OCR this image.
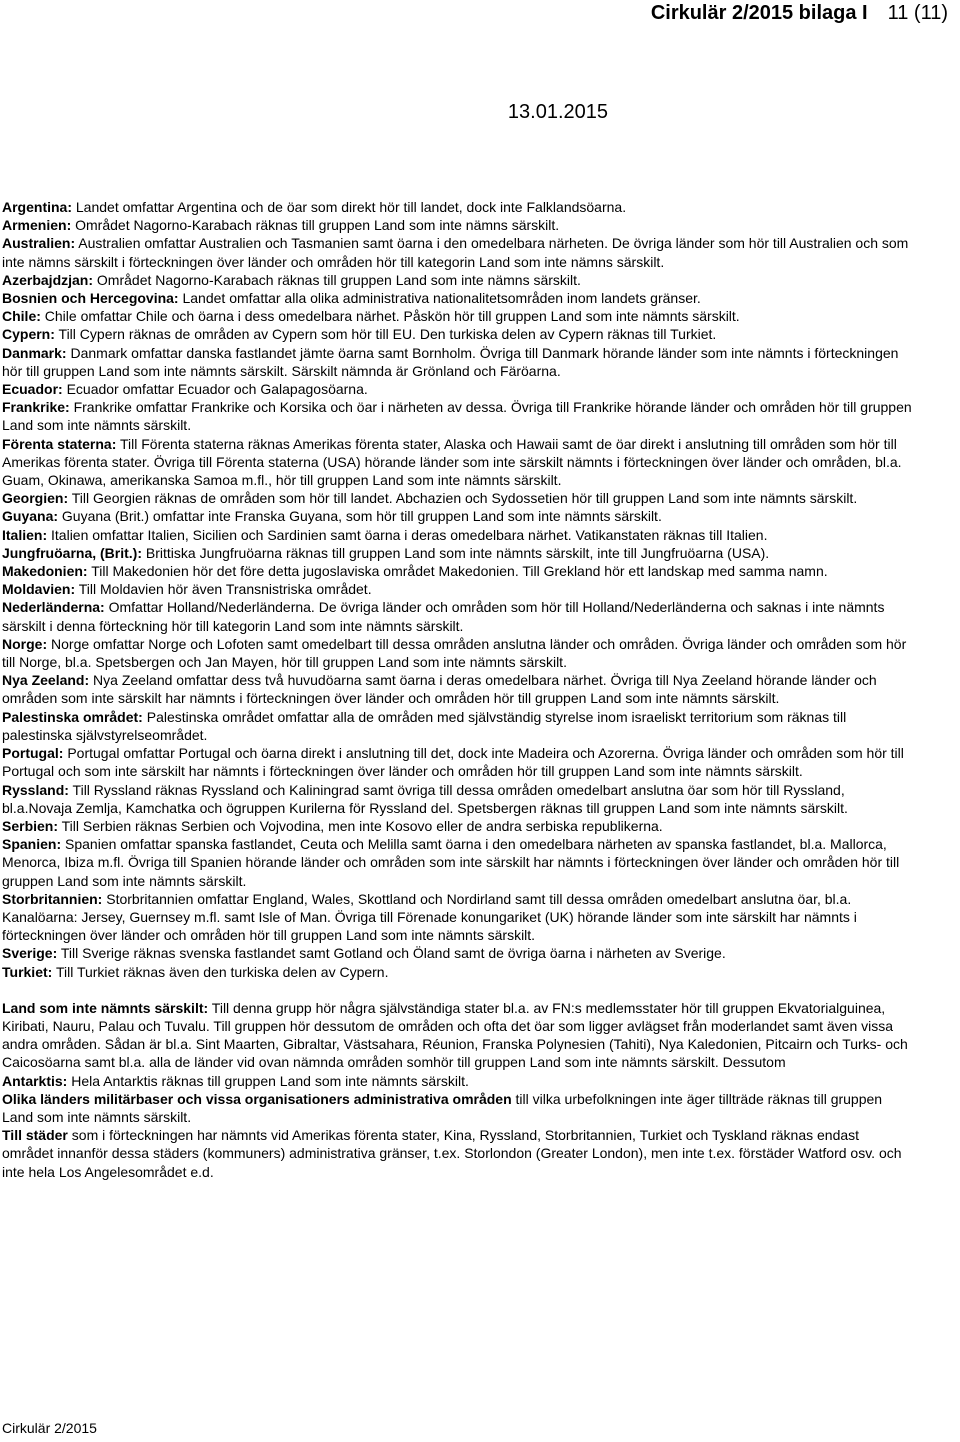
Cirkulär 2/2015 bilaga I 11 (11)
13.01.2015

Argentina: Landet omfattar Argentina och de öar som direkt hör till landet, dock inte Falklandsöarna.

Armenien: Området Nagorno-Karabach räknas till gruppen Land som inte nämns särskilt.

Australien: Australien omfattar Australien och Tasmanien samt öarna i den omedelbara närheten. De övriga länder som hör till Australien och som inte nämns särskilt i förteckningen över länder och områden hör till kategorin Land som inte nämns särskilt.

Azerbajdzjan: Området Nagorno-Karabach räknas till gruppen Land som inte nämns särskilt.

Bosnien och Hercegovina: Landet omfattar alla olika administrativa nationalitetsområden inom landets gränser.

Chile: Chile omfattar Chile och öarna i dess omedelbara närhet. Påskön hör till gruppen Land som inte nämnts särskilt.

Cypern: Till Cypern räknas de områden av Cypern som hör till EU. Den turkiska delen av Cypern räknas till Turkiet.

Danmark: Danmark omfattar danska fastlandet jämte öarna samt Bornholm. Övriga till Danmark hörande länder som inte nämnts i förteckningen hör till gruppen Land som inte nämnts särskilt. Särskilt nämnda är Grönland och Färöarna.

Ecuador: Ecuador omfattar Ecuador och Galapagosöarna.

Frankrike: Frankrike omfattar Frankrike och Korsika och öar i närheten av dessa. Övriga till Frankrike hörande länder och områden hör till gruppen Land som inte nämnts särskilt.

Förenta staterna: Till Förenta staterna räknas Amerikas förenta stater, Alaska och Hawaii samt de öar direkt i anslutning till områden som hör till Amerikas förenta stater. Övriga till Förenta staterna (USA) hörande länder som inte särskilt nämnts i förteckningen över länder och områden, bl.a. Guam, Okinawa, amerikanska Samoa m.fl., hör till gruppen Land som inte nämnts särskilt.

Georgien: Till Georgien räknas de områden som hör till landet. Abchazien och Sydossetien hör till gruppen Land som inte nämnts särskilt.

Guyana: Guyana (Brit.) omfattar inte Franska Guyana, som hör till gruppen Land som inte nämnts särskilt.

Italien: Italien omfattar Italien, Sicilien och Sardinien samt öarna i deras omedelbara närhet. Vatikanstaten räknas till Italien.

Jungfruöarna, (Brit.): Brittiska Jungfruöarna räknas till gruppen Land som inte nämnts särskilt, inte till Jungfruöarna (USA).

Makedonien: Till Makedonien hör det före detta jugoslaviska området Makedonien. Till Grekland hör ett landskap med samma namn.

Moldavien: Till Moldavien hör även Transnistriska området.

Nederländerna: Omfattar Holland/Nederländerna. De övriga länder och områden som hör till Holland/Nederländerna och saknas i inte nämnts särskilt i denna förteckning hör till kategorin Land som inte nämnts särskilt.

Norge: Norge omfattar Norge och Lofoten samt omedelbart till dessa områden anslutna länder och områden. Övriga länder och områden som hör till Norge, bl.a. Spetsbergen och Jan Mayen, hör till gruppen Land som inte nämnts särskilt.

Nya Zeeland: Nya Zeeland omfattar dess två huvudöarna samt öarna i deras omedelbara närhet. Övriga till Nya Zeeland hörande länder och områden som inte särskilt har nämnts i förteckningen över länder och områden hör till gruppen Land som inte nämnts särskilt.

Palestinska området: Palestinska området omfattar alla de områden med självständig styrelse inom israeliskt territorium som räknas till palestinska självstyrelseområdet.

Portugal: Portugal omfattar Portugal och öarna direkt i anslutning till det, dock inte Madeira och Azorerna. Övriga länder och områden som hör till Portugal och som inte särskilt har nämnts i förteckningen över länder och områden hör till gruppen Land som inte nämnts särskilt.

Ryssland: Till Ryssland räknas Ryssland och Kaliningrad samt övriga till dessa områden omedelbart anslutna öar som hör till Ryssland, bl.a.Novaja Zemlja, Kamchatka och ögruppen Kurilerna för Ryssland del. Spetsbergen räknas till gruppen Land som inte nämnts särskilt.

Serbien: Till Serbien räknas Serbien och Vojvodina, men inte Kosovo eller de andra serbiska republikerna.

Spanien: Spanien omfattar spanska fastlandet, Ceuta och Melilla samt öarna i den omedelbara närheten av spanska fastlandet, bl.a. Mallorca, Menorca, Ibiza m.fl. Övriga till Spanien hörande länder och områden som inte särskilt har nämnts i förteckningen över länder och områden hör till gruppen Land som inte nämnts särskilt.

Storbritannien: Storbritannien omfattar England, Wales, Skottland och Nordirland samt till dessa områden omedelbart anslutna öar, bl.a. Kanalöarna: Jersey, Guernsey m.fl. samt Isle of Man. Övriga till Förenade konungariket (UK) hörande länder som inte särskilt har nämnts i förteckningen över länder och områden hör till gruppen Land som inte nämnts särskilt.

Sverige: Till Sverige räknas svenska fastlandet samt Gotland och Öland samt de övriga öarna i närheten av Sverige.

Turkiet: Till Turkiet räknas även den turkiska delen av Cypern.

Land som inte nämnts särskilt: Till denna grupp hör några självständiga stater bl.a. av FN:s medlemsstater hör till gruppen Ekvatorialguinea, Kiribati, Nauru, Palau och Tuvalu. Till gruppen hör dessutom de områden och ofta det öar som ligger avlägset från moderlandet samt även vissa andra områden. Sådan är bl.a. Sint Maarten, Gibraltar, Västsahara, Réunion, Franska Polynesien (Tahiti), Nya Kaledonien, Pitcairn och Turks- och Caicosöarna samt bl.a. alla de länder vid ovan nämnda områden somhör till gruppen Land som inte nämnts särskilt. Dessutom

Antarktis: Hela Antarktis räknas till gruppen Land som inte nämnts särskilt.

Olika länders militärbaser och vissa organisationers administrativa områden till vilka urbefolkningen inte äger tillträde räknas till gruppen Land som inte nämnts särskilt.

Till städer som i förteckningen har nämnts vid Amerikas förenta stater, Kina, Ryssland, Storbritannien, Turkiet och Tyskland räknas endast området innanför dessa städers (kommuners) administrativa gränser, t.ex. Storlondon (Greater London), men inte t.ex. förstäder Watford osv. och inte hela Los Angelesområdet e.d.

Cirkulär 2/2015
